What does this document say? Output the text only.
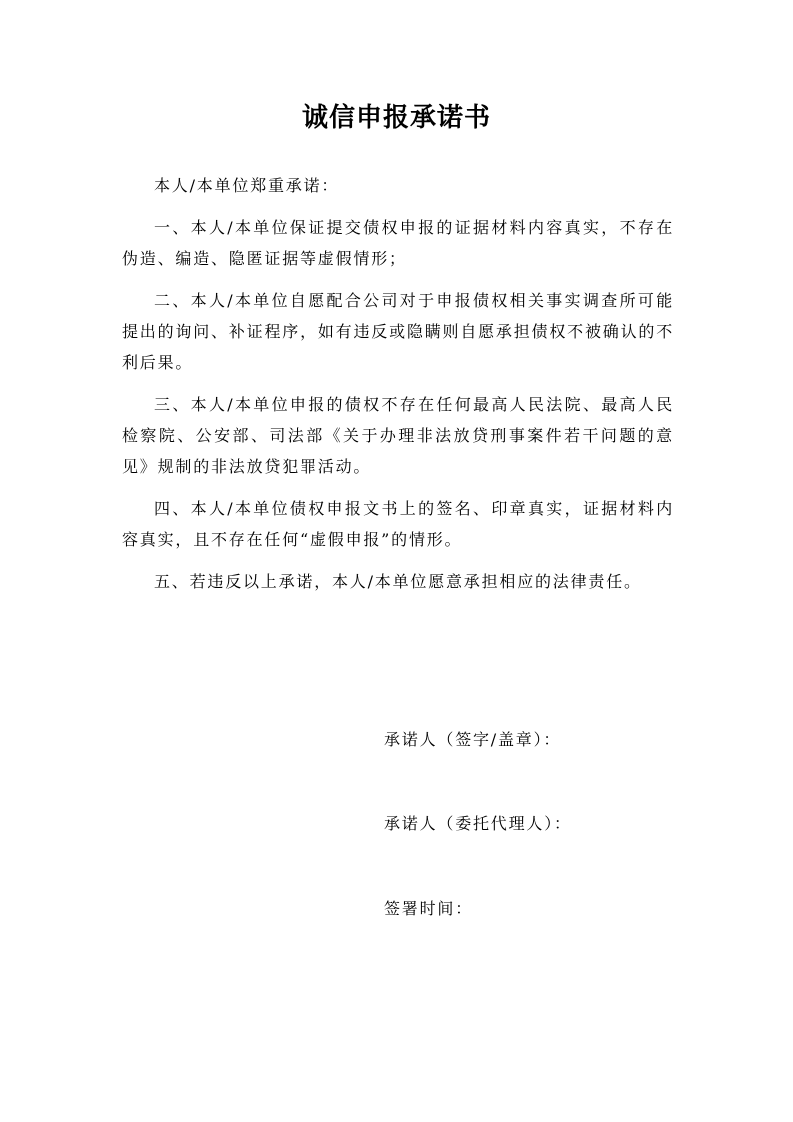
诚信申报承诺书

本人/本单位郑重承诺：

一、本人/本单位保证提交债权申报的证据材料内容真实，不存在伪造、编造、隐匿证据等虚假情形；

二、本人/本单位自愿配合公司对于申报债权相关事实调查所可能提出的询问、补证程序，如有违反或隐瞒则自愿承担债权不被确认的不利后果。

三、本人/本单位申报的债权不存在任何最高人民法院、最高人民检察院、公安部、司法部《关于办理非法放贷刑事案件若干问题的意见》规制的非法放贷犯罪活动。

四、本人/本单位债权申报文书上的签名、印章真实，证据材料内容真实，且不存在任何“虚假申报”的情形。

五、若违反以上承诺，本人/本单位愿意承担相应的法律责任。

承诺人（签字/盖章）：
承诺人（委托代理人）：
签署时间：
